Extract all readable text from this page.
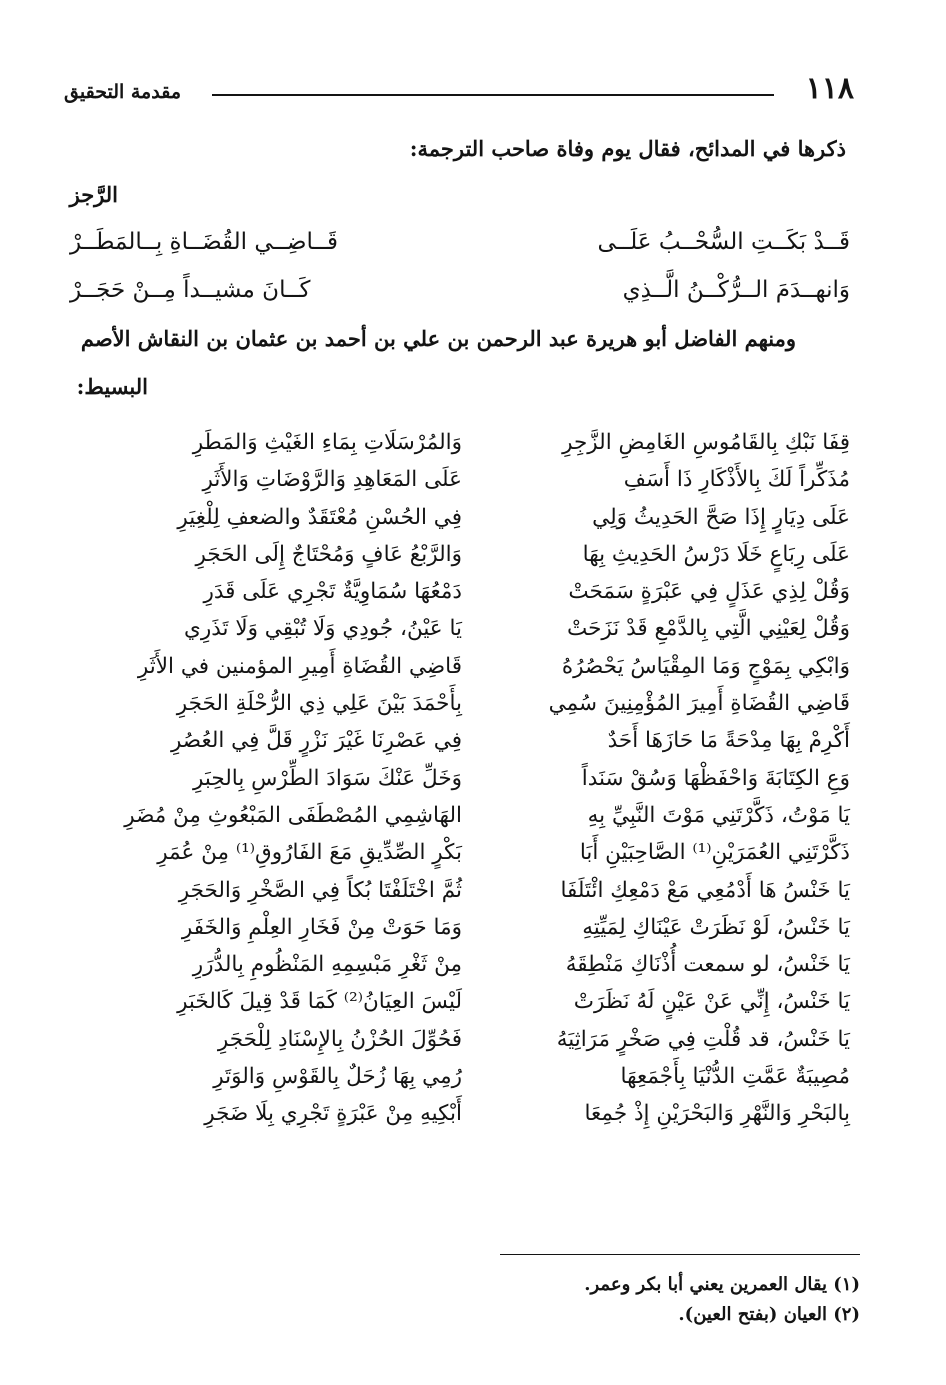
١١٨
مقدمة التحقيق
ذكرها في المدائح، فقال يوم وفاة صاحب الترجمة:
الرَّجز
قَــدْ بَكَــتِ السُّحْــبُ عَلَــى
قَــاضِــي القُضَــاةِ بِــالمَطَــرْ
وَانهــدَمَ الــرُّكْــنُ الَّــذِي
كَــانَ مشيــداً مِــنْ حَجَــرْ
ومنهم الفاضل أبو هريرة عبد الرحمن بن علي بن أحمد بن عثمان بن النقاش الأصم
البسيط:
قِفَا نَبْكِ بِالقَامُوسِ الغَامِضِ الزَّجِرِ
مُذَكِّراً لَكَ بِالأَذْكَارِ ذَا أَسَفِ
عَلَى دِيَارٍ إِذَا صَحَّ الحَدِيثُ وَلِي
عَلَى رِبَاعٍ خَلَا دَرْسُ الحَدِيثِ بِهَا
وَقُلْ لِذِي عَذَلٍ فِي عَبْرَةٍ سَمَحَتْ
وَقُلْ لِعَيْنِي الَّتِي بِالدَّمْعِ قَدْ نَزَحَتْ
وَابْكِي بِمَوْجٍ وَمَا المِقْيَاسُ يَحْصُرُهُ
قَاضِي القُضَاةِ أَمِيرَ المُؤْمِنِينَ سُمِي
أَكْرِمْ بِهَا مِدْحَةً مَا حَازَهَا أَحَدٌ
وَعِ الكِتَابَةَ وَاحْفَظْهَا وَسُقْ سَنَداً
يَا مَوْتُ، ذَكَّرْتَنِي مَوْتَ النَّبِيِّ بِهِ
ذَكَّرْتَنِي العُمَرَيْنِ⁽¹⁾ الصَّاحِبَيْنِ أَبَا
يَا خَنْسُ هَا أَدْمُعِي مَعْ دَمْعِكِ ائْتَلَفَا
يَا خَنْسُ، لَوْ نَظَرَتْ عَيْنَاكِ لِمَيِّتِهِ
يَا خَنْسُ، لو سمعت أُذْنَاكِ مَنْطِقَهُ
يَا خَنْسُ، إِنِّي عَنْ عَيْنٍ لَهُ نَظَرَتْ
يَا خَنْسُ، قد قُلْتِ فِي صَخْرٍ مَرَاثِيَهُ
مُصِيبَةٌ عَمَّتِ الدُّنْيَا بِأَجْمَعِهَا
بِالبَحْرِ وَالنَّهْرِ وَالبَحْرَيْنِ إِذْ جُمِعَا
وَالمُرْسَلَاتِ بِمَاءِ الغَيْثِ وَالمَطَرِ
عَلَى المَعَاهِدِ وَالرَّوْضَاتِ وَالأَثَرِ
فِي الحُسْنِ مُعْتَقَدٌ والضعفِ لِلْغِيَرِ
وَالرَّبْعُ عَافٍ وَمُحْتَاجٌ إِلَى الحَجَرِ
دَمْعُهَا سُمَاوِيَّةٌ تَجْرِي عَلَى قَدَرِ
يَا عَيْنُ، جُودِي وَلَا تُبْقِي وَلَا تَذَرِي
قَاضِي القُضَاةِ أَمِيرِ المؤمنين في الأَثَرِ
بِأَحْمَدَ بَيْنَ عَلِي ذِي الرُّحْلَةِ الحَجَرِ
فِي عَصْرِنَا غَيْرَ نَزْرٍ قَلَّ فِي العُصُرِ
وَخَلِّ عَنْكَ سَوَادَ الطِّرْسِ بِالحِبَرِ
الهَاشِمِي المُصْطَفَى المَبْعُوثِ مِنْ مُضَرِ
بَكْرٍ الصِّدِّيقِ مَعَ الفَارُوقِ⁽¹⁾ مِنْ عُمَرِ
ثُمَّ اخْتَلَفْتَا بُكاً فِي الصَّخْرِ وَالحَجَرِ
وَمَا حَوَتْ مِنْ فَخَارِ العِلْمِ وَالخَفَرِ
مِنْ ثَغْرِ مَبْسِمِهِ المَنْظُومِ بِالدُّرَرِ
لَيْسَ العِيَانُ⁽²⁾ كَمَا قَدْ قِيلَ كَالخَبَرِ
فَحُوِّلَ الحُزْنُ بِالإِسْنَادِ لِلْحَجَرِ
رُمِي بِهَا زُحَلٌ بِالقَوْسِ وَالوَتَرِ
أَبْكِيهِ مِنْ عَبْرَةٍ تَجْرِي بِلَا ضَجَرِ
(١) يقال العمرين يعني أبا بكر وعمر.
(٢) العيان (بفتح العين).
